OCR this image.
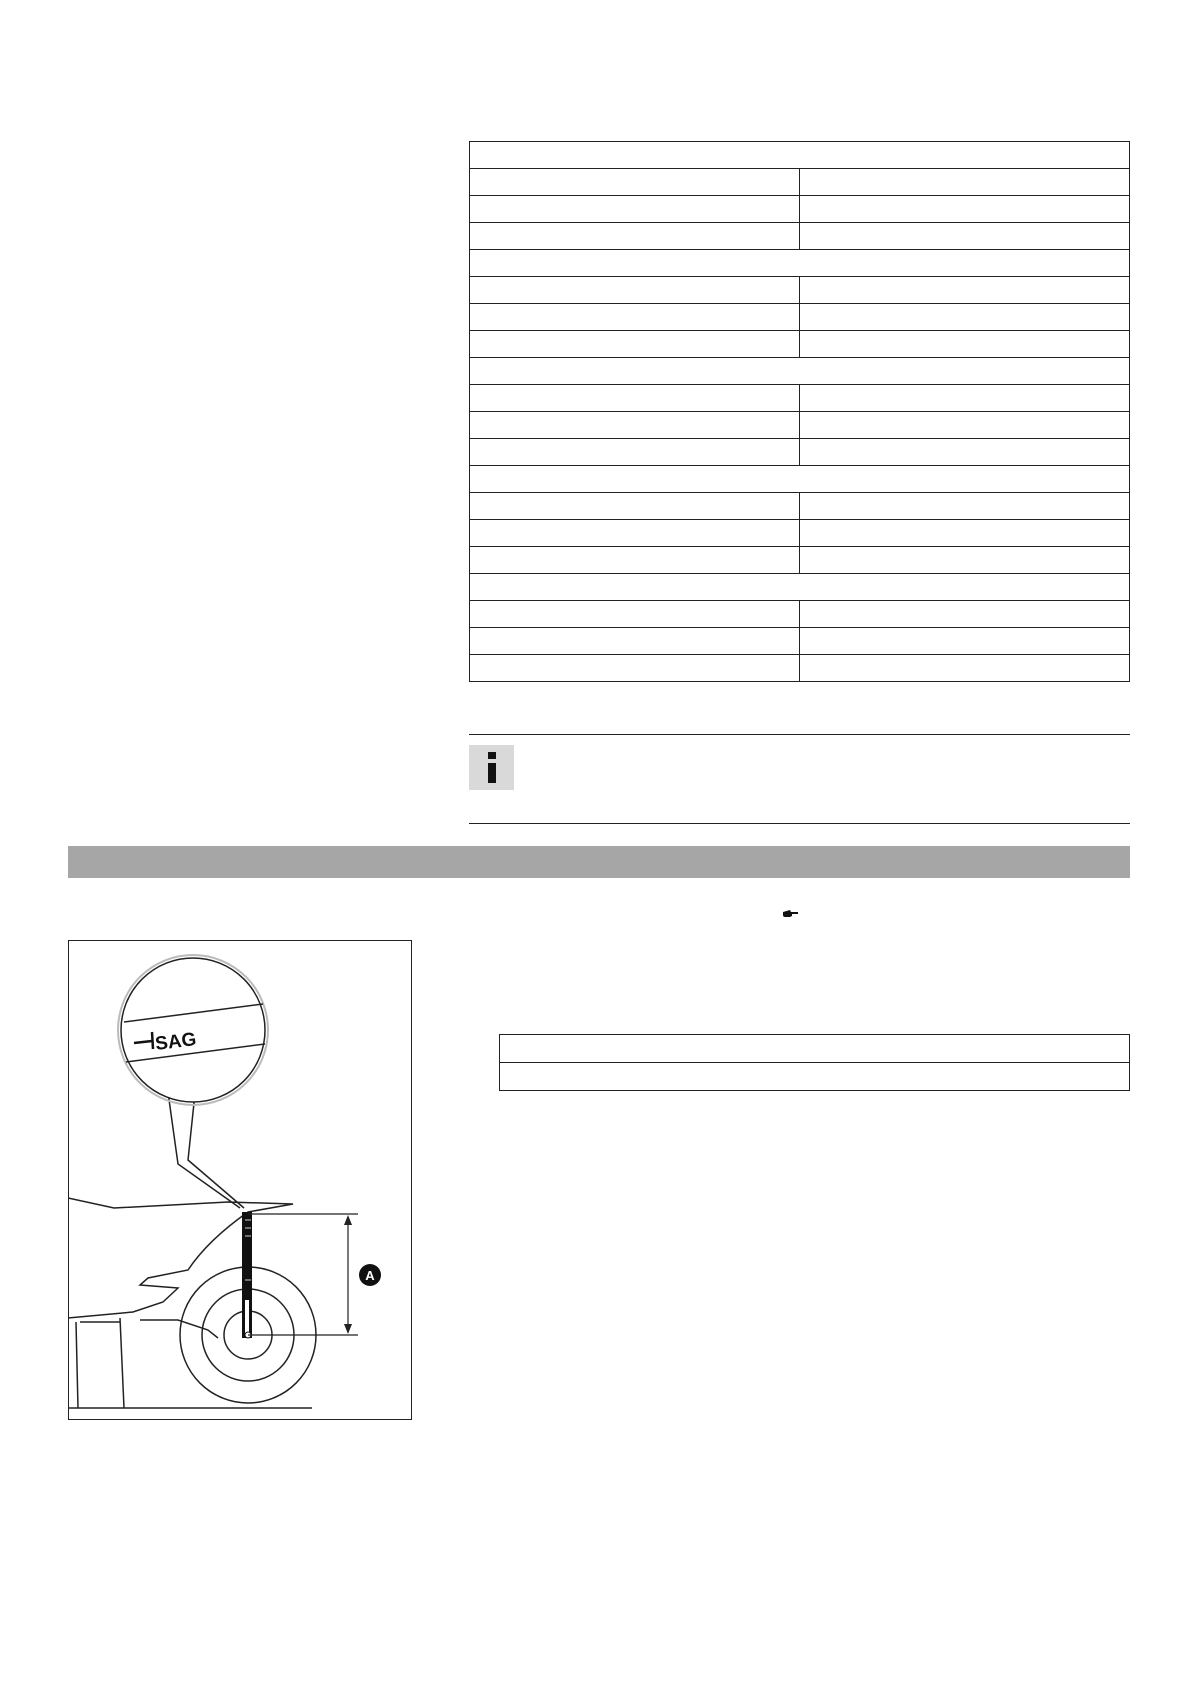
A
SAG
